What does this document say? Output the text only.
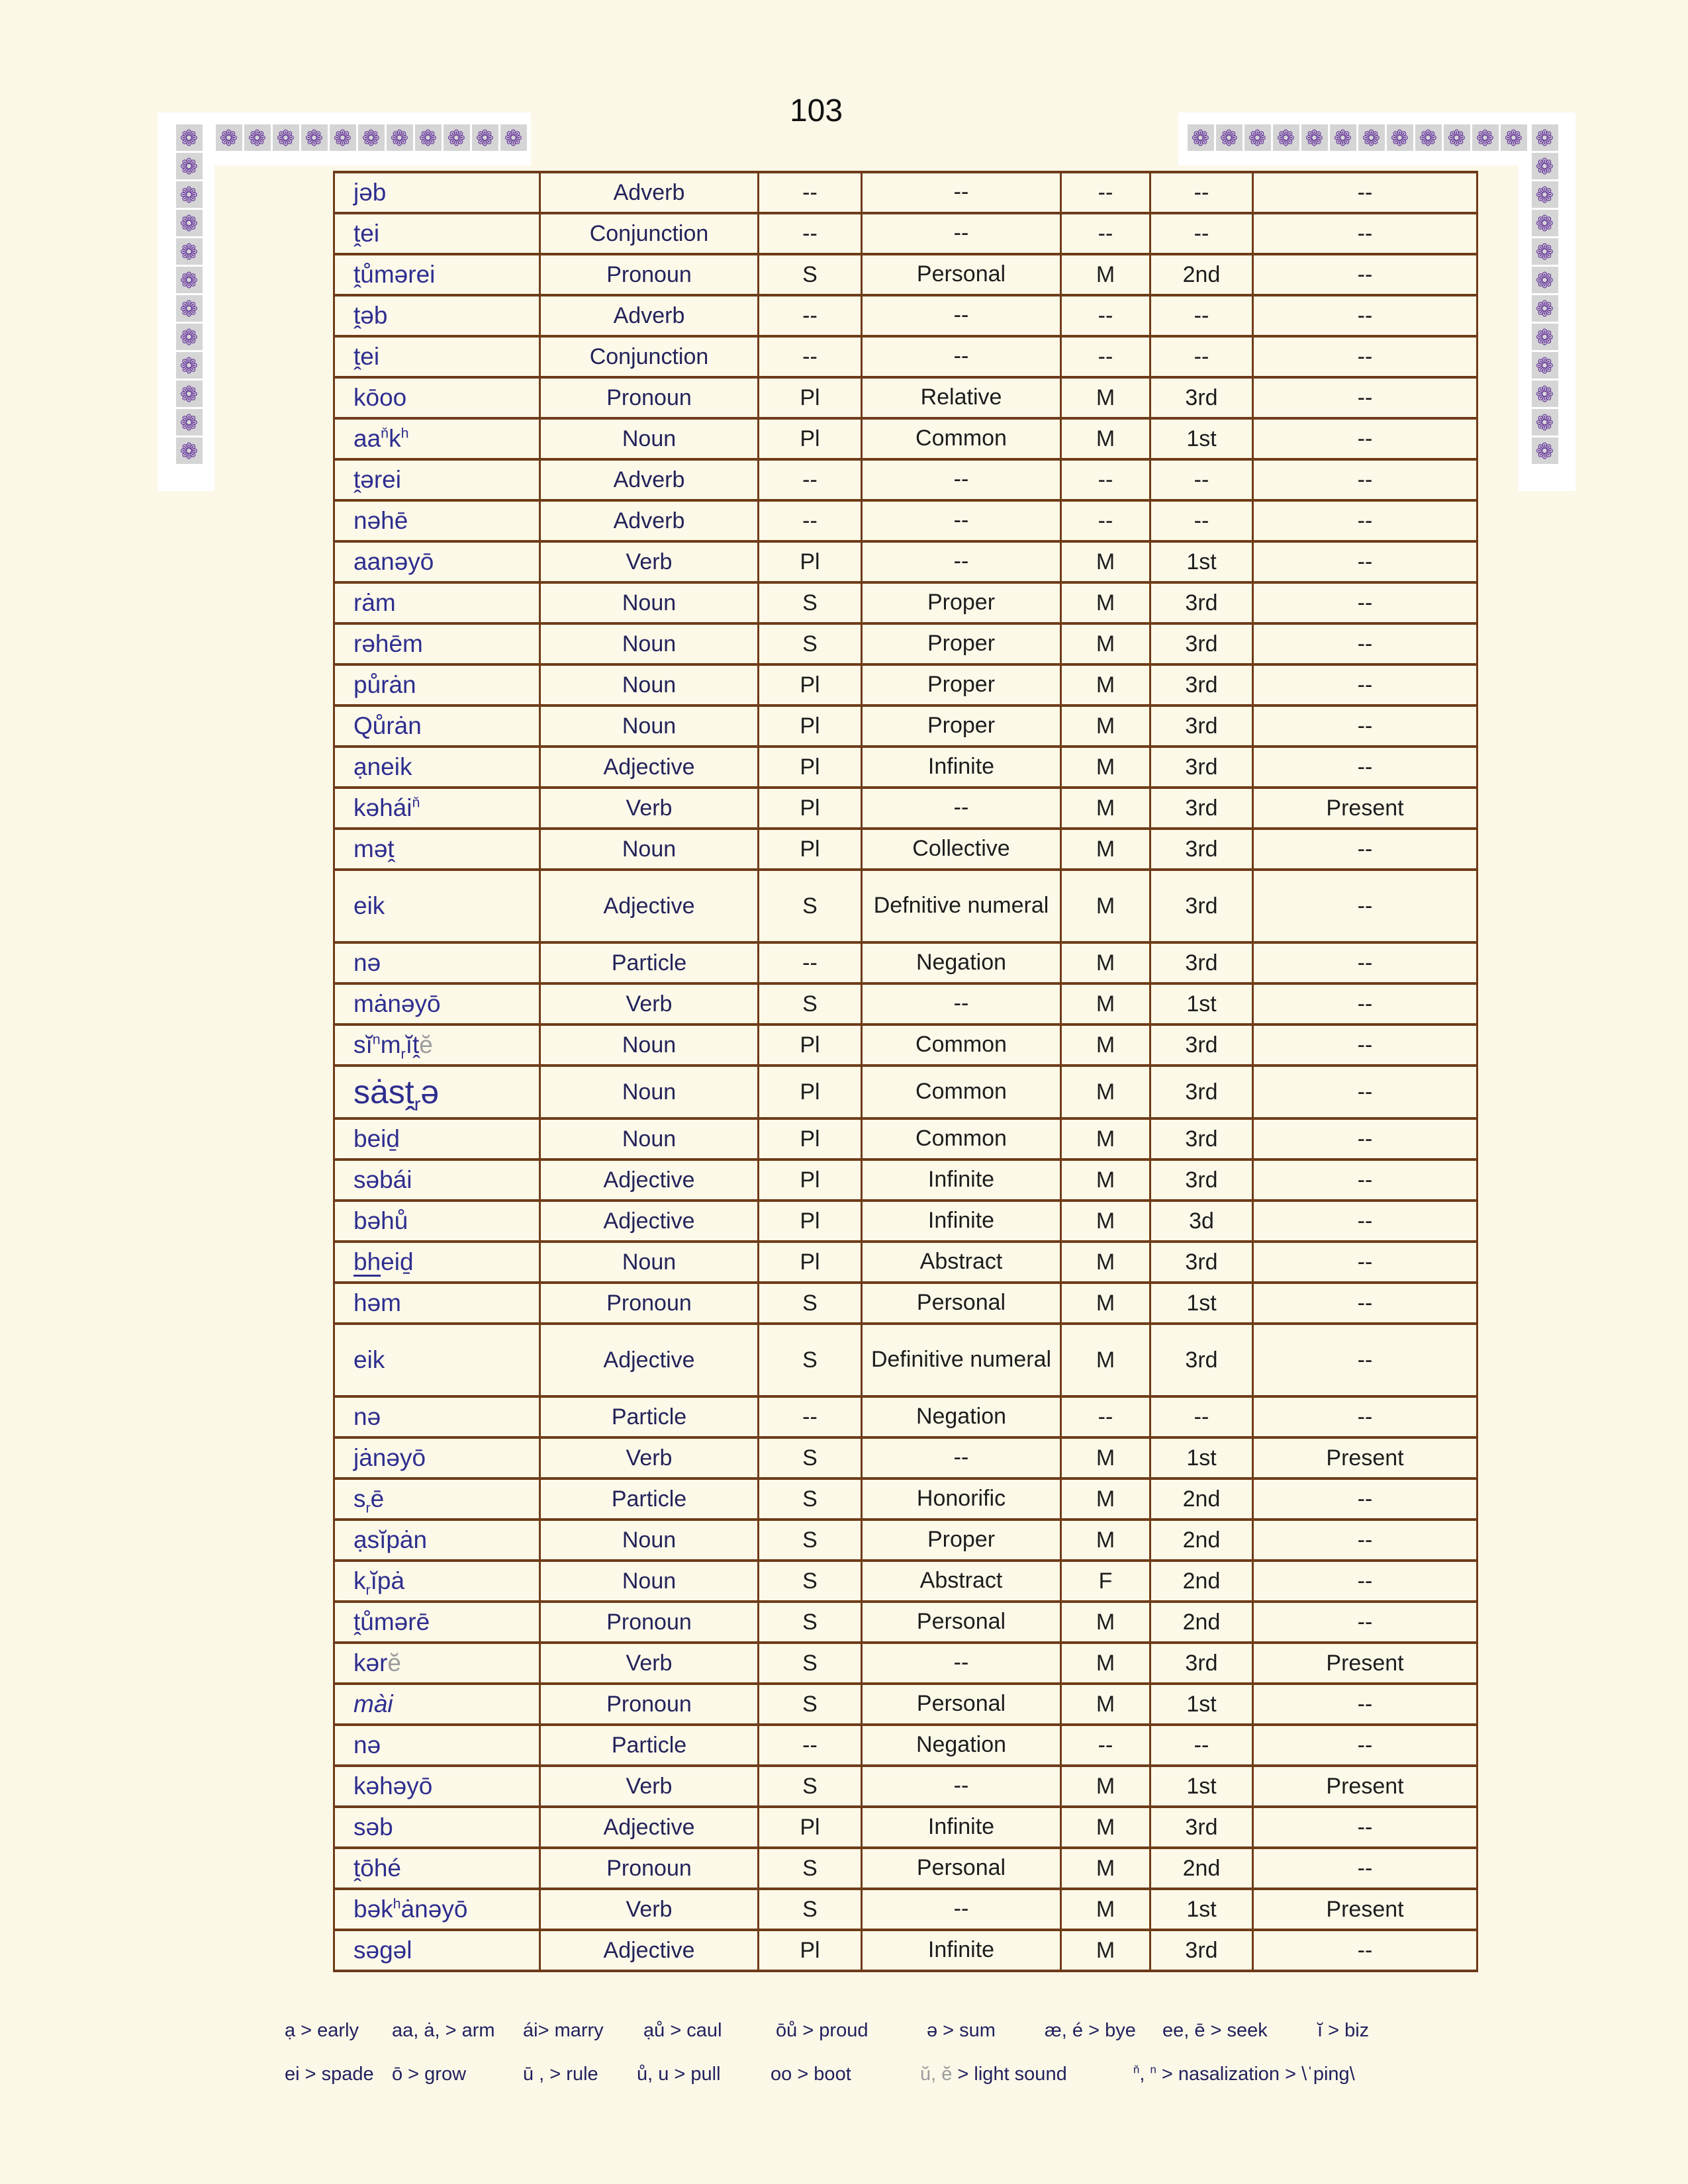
103
❁ ❁ ❁ ❁ ❁ ❁ ❁ ❁ ❁ ❁ ❁
❁
❁
❁
❁
❁
❁
❁
❁
❁
❁
❁
❁
❁ ❁ ❁ ❁ ❁ ❁ ❁ ❁ ❁ ❁ ❁ ❁ ❁
❁
❁
❁
❁
❁
❁
❁
❁
❁
❁
❁
jəb	Adverb	--	--	--	--	--
ṱei	Conjunction	--	--	--	--	--
ṱůmərei	Pronoun	S	Personal	M	2nd	--
ṱəb	Adverb	--	--	--	--	--
ṱei	Conjunction	--	--	--	--	--
kōoo	Pronoun	Pl	Relative	M	3rd	--
$aa^ňk^h$	Noun	Pl	Common	M	1st	--
ṱərei	Adverb	--	--	--	--	--
nəhē	Adverb	--	--	--	--	--
aanəyō	Verb	Pl	--	M	1st	--
rȧm	Noun	S	Proper	M	3rd	--
rəhēm	Noun	S	Proper	M	3rd	--
půrȧn	Noun	Pl	Proper	M	3rd	--
Qůrȧn	Noun	Pl	Proper	M	3rd	--
ạneik	Adjective	Pl	Infinite	M	3rd	--
kəhái$^ň$	Verb	Pl	--	M	3rd	Present
məṱ	Noun	Pl	Collective	M	3rd	--
eik	Adjective	S	Defnitive numeral	M	3rd	--
nə	Particle	--	Negation	M	3rd	--
mȧnəyō	Verb	S	--	M	1st	--
$sĭ^nm_rĭṱĕ$	Noun	Pl	Common	M	3rd	--
sȧsṱ$_r$ə	Noun	Pl	Common	M	3rd	--
beiḏ	Noun	Pl	Common	M	3rd	--
səbái	Adjective	Pl	Infinite	M	3rd	--
bəhů	Adjective	Pl	Infinite	M	3d	--
bheiḏ	Noun	Pl	Abstract	M	3rd	--
həm	Pronoun	S	Personal	M	1st	--
eik	Adjective	S	Definitive numeral	M	3rd	--
nə	Particle	--	Negation	--	--	--
jȧnəyō	Verb	S	--	M	1st	Present
$s_rē$	Particle	S	Honorific	M	2nd	--
ạsĭpȧn	Noun	S	Proper	M	2nd	--
$k_rĭpȧ$	Noun	S	Abstract	F	2nd	--
ṱůmərē	Pronoun	S	Personal	M	2nd	--
kərĕ	Verb	S	--	M	3rd	Present
mài	Pronoun	S	Personal	M	1st	--
nə	Particle	--	Negation	--	--	--
kəhəyō	Verb	S	--	M	1st	Present
səb	Adjective	Pl	Infinite	M	3rd	--
ṱōhé	Pronoun	S	Personal	M	2nd	--
bək$^h$ȧnəyō	Verb	S	--	M	1st	Present
səgəl	Adjective	Pl	Infinite	M	3rd	--
ạ > early aa, ȧ, > arm ái> marry ạů > caul	ōů > proud	ə > sum	æ, é > bye ee, ē > seek	ĭ > biz
ei > spade ō > grow	ū , > rule ů, u > pull	oo > boot	ŭ, ĕ > light sound	$^ň$, $^n$ > nasalization > \ˈping\
